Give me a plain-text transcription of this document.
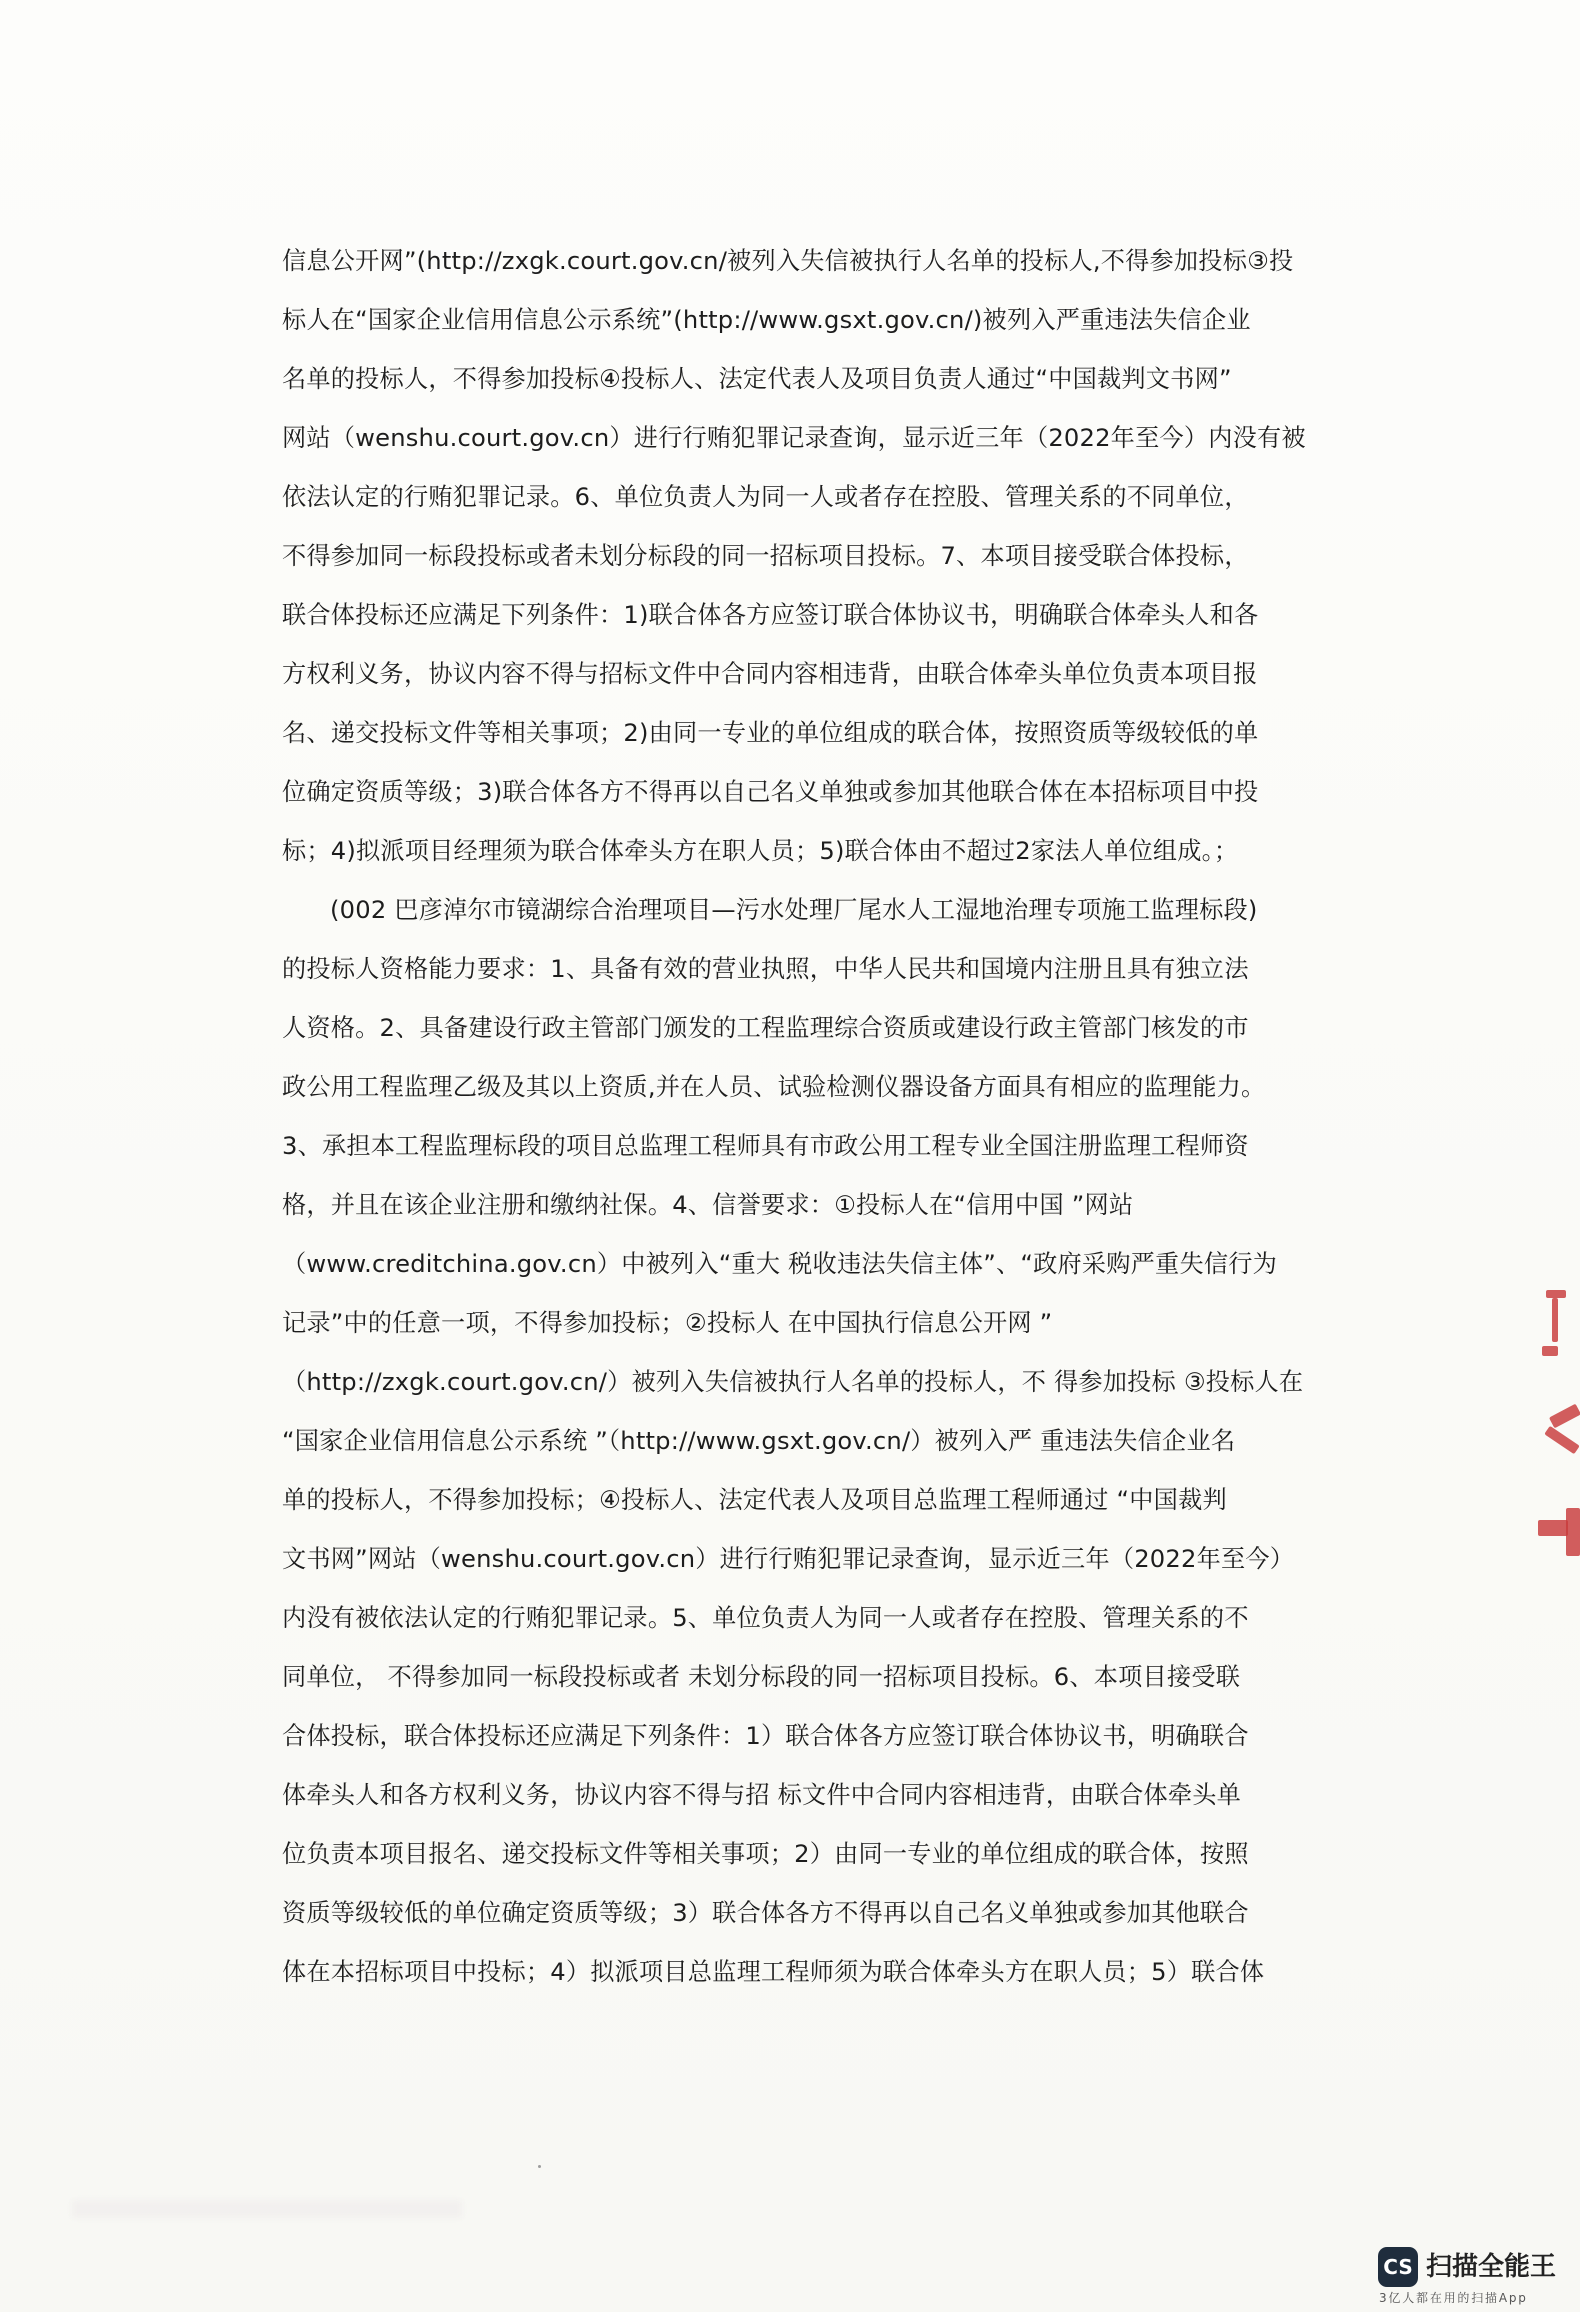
信息公开网”(http://zxgk.court.gov.cn/被列入失信被执行人名单的投标人,不得参加投标③投
标人在“国家企业信用信息公示系统”(http://www.gsxt.gov.cn/)被列入严重违法失信企业
名单的投标人，不得参加投标④投标人、法定代表人及项目负责人通过“中国裁判文书网”
网站（wenshu.court.gov.cn）进行行贿犯罪记录查询，显示近三年（2022年至今）内没有被
依法认定的行贿犯罪记录。6、单位负责人为同一人或者存在控股、管理关系的不同单位，
不得参加同一标段投标或者未划分标段的同一招标项目投标。7、本项目接受联合体投标，
联合体投标还应满足下列条件：1)联合体各方应签订联合体协议书，明确联合体牵头人和各
方权利义务，协议内容不得与招标文件中合同内容相违背，由联合体牵头单位负责本项目报
名、递交投标文件等相关事项；2)由同一专业的单位组成的联合体，按照资质等级较低的单
位确定资质等级；3)联合体各方不得再以自己名义单独或参加其他联合体在本招标项目中投
标；4)拟派项目经理须为联合体牵头方在职人员；5)联合体由不超过2家法人单位组成。；
(002 巴彦淖尔市镜湖综合治理项目—污水处理厂尾水人工湿地治理专项施工监理标段)
的投标人资格能力要求：1、具备有效的营业执照，中华人民共和国境内注册且具有独立法
人资格。2、具备建设行政主管部门颁发的工程监理综合资质或建设行政主管部门核发的市
政公用工程监理乙级及其以上资质,并在人员、试验检测仪器设备方面具有相应的监理能力。
3、承担本工程监理标段的项目总监理工程师具有市政公用工程专业全国注册监理工程师资
格，并且在该企业注册和缴纳社保。4、信誉要求：①投标人在“信用中国 ”网站
（www.creditchina.gov.cn）中被列入“重大 税收违法失信主体”、“政府采购严重失信行为
记录”中的任意一项，不得参加投标；②投标人 在中国执行信息公开网 ”
（http://zxgk.court.gov.cn/）被列入失信被执行人名单的投标人，不 得参加投标 ③投标人在
“国家企业信用信息公示系统 ”（http://www.gsxt.gov.cn/）被列入严 重违法失信企业名
单的投标人，不得参加投标；④投标人、法定代表人及项目总监理工程师通过 “中国裁判
文书网”网站（wenshu.court.gov.cn）进行行贿犯罪记录查询，显示近三年（2022年至今）
内没有被依法认定的行贿犯罪记录。5、单位负责人为同一人或者存在控股、管理关系的不
同单位， 不得参加同一标段投标或者 未划分标段的同一招标项目投标。6、本项目接受联
合体投标，联合体投标还应满足下列条件：1）联合体各方应签订联合体协议书，明确联合
体牵头人和各方权利义务，协议内容不得与招 标文件中合同内容相违背，由联合体牵头单
位负责本项目报名、递交投标文件等相关事项；2）由同一专业的单位组成的联合体，按照
资质等级较低的单位确定资质等级；3）联合体各方不得再以自己名义单独或参加其他联合
体在本招标项目中投标；4）拟派项目总监理工程师须为联合体牵头方在职人员；5）联合体
CS 扫描全能王
3亿人都在用的扫描App
